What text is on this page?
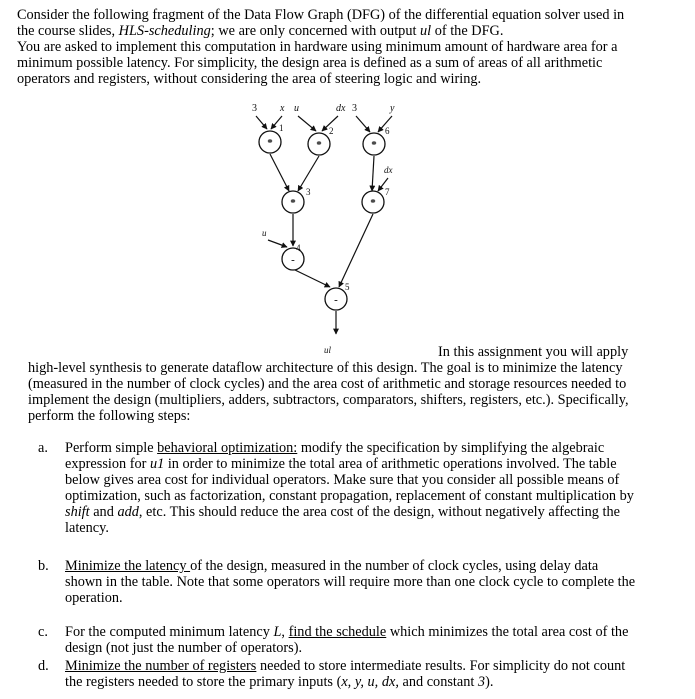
Consider the following fragment of the Data Flow Graph (DFG) of the differential equation solver used in
the course slides, HLS-scheduling; we are only concerned with output ul of the DFG.
You are asked to implement this computation in hardware using minimum amount of hardware area for a
minimum possible latency. For simplicity, the design area is defined as a sum of areas of all arithmetic
operators and registers, without considering the area of steering logic and wiring.
3 x u	dx 3	y
dx
u
*	*	*
*	*
-
-
1	2	6
3	7
4
5
ul	In this assignment you will apply
high-level synthesis to generate dataflow architecture of this design. The goal is to minimize the latency
(measured in the number of clock cycles) and the area cost of arithmetic and storage resources needed to
implement the design (multipliers, adders, subtractors, comparators, shifters, registers, etc.). Specifically,
perform the following steps:
a. Perform simple behavioral optimization: modify the specification by simplifying the algebraic
expression for u1 in order to minimize the total area of arithmetic operations involved. The table
below gives area cost for individual operators. Make sure that you consider all possible means of
optimization, such as factorization, constant propagation, replacement of constant multiplication by
shift and add, etc. This should reduce the area cost of the design, without negatively affecting the
latency.
b. Minimize the latency of the design, measured in the number of clock cycles, using delay data
shown in the table. Note that some operators will require more than one clock cycle to complete the
operation.
c. For the computed minimum latency L, find the schedule which minimizes the total area cost of the
design (not just the number of operators).
d. Minimize the number of registers needed to store intermediate results. For simplicity do not count
the registers needed to store the primary inputs (x, y, u, dx, and constant 3).
